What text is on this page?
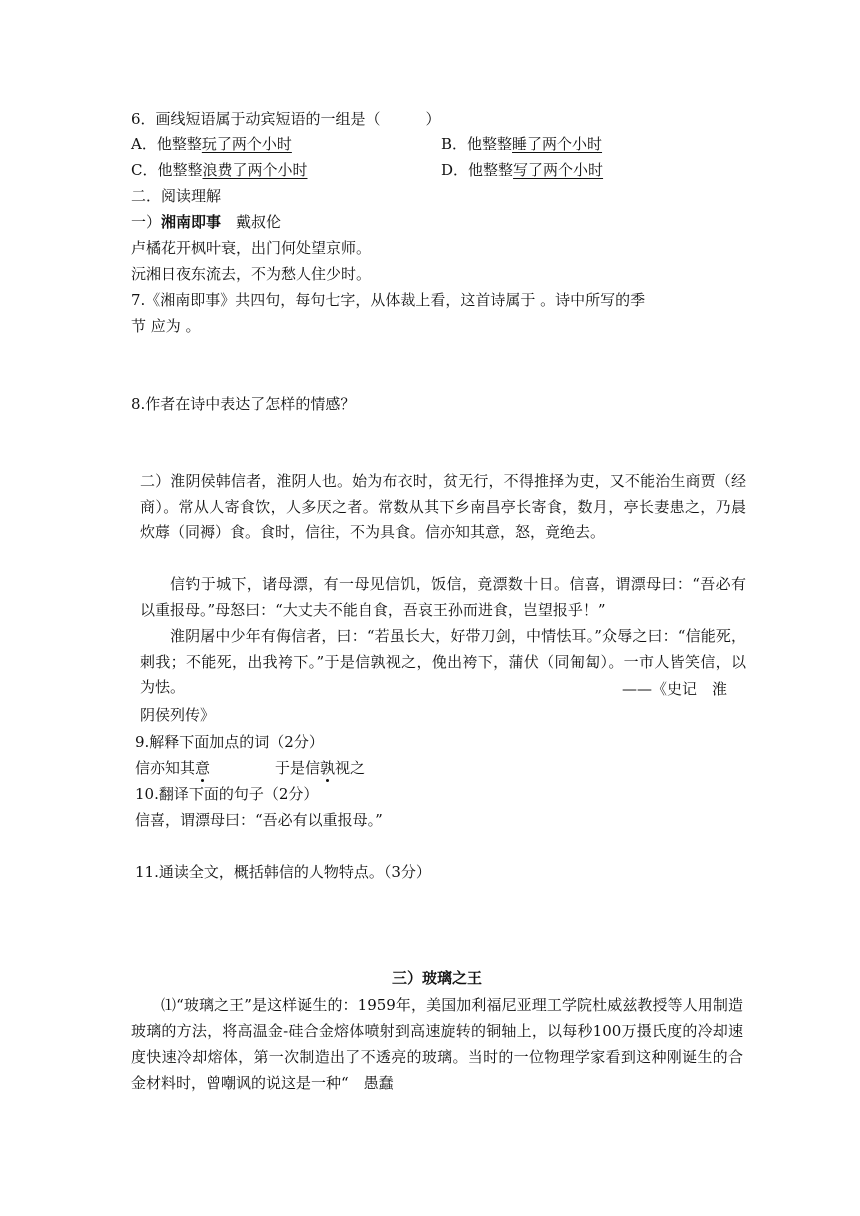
6．画线短语属于动宾短语的一组是（　　　）
A．他整整玩了两个小时	B．他整整睡了两个小时
C．他整整浪费了两个小时	D．他整整写了两个小时
二．阅读理解
一）湘南即事　戴叔伦
卢橘花开枫叶衰，出门何处望京师。
沅湘日夜东流去，不为愁人住少时。
7.《湘南即事》共四句，每句七字，从体裁上看，这首诗属于 。诗中所写的季
节 应为 。
8.作者在诗中表达了怎样的情感？
二）淮阴侯韩信者，淮阴人也。始为布衣时，贫无行，不得推择为吏，又不能治生商贾（经商）。常从人寄食饮，人多厌之者。常数从其下乡南昌亭长寄食，数月，亭长妻患之，乃晨炊蓐（同褥）食。食时，信往，不为具食。信亦知其意，怒，竟绝去。
信钓于城下，诸母漂，有一母见信饥，饭信，竟漂数十日。信喜，谓漂母曰：“吾必有以重报母。”母怒曰：“大丈夫不能自食，吾哀王孙而进食，岂望报乎！”
淮阴屠中少年有侮信者，曰：“若虽长大，好带刀剑，中情怯耳。”众辱之曰：“信能死，刺我；不能死，出我袴下。”于是信孰视之，俛出袴下，蒲伏（同匍匐）。一市人皆笑信，以为怯。	——《史记　淮
阴侯列传》
9.解释下面加点的词（2分）
信亦知其意	于是信孰视之
10.翻译下面的句子（2分）
信喜，谓漂母曰：“吾必有以重报母。”
11.通读全文，概括韩信的人物特点。（3分）
三）玻璃之王
⑴“玻璃之王”是这样诞生的：1959年，美国加利福尼亚理工学院杜威兹教授等人用制造玻璃的方法，将高温金-硅合金熔体喷射到高速旋转的铜轴上，以每秒100万摄氏度的冷却速度快速冷却熔体，第一次制造出了不透亮的玻璃。当时的一位物理学家看到这种刚诞生的合金材料时，曾嘲讽的说这是一种“　愚蠢
